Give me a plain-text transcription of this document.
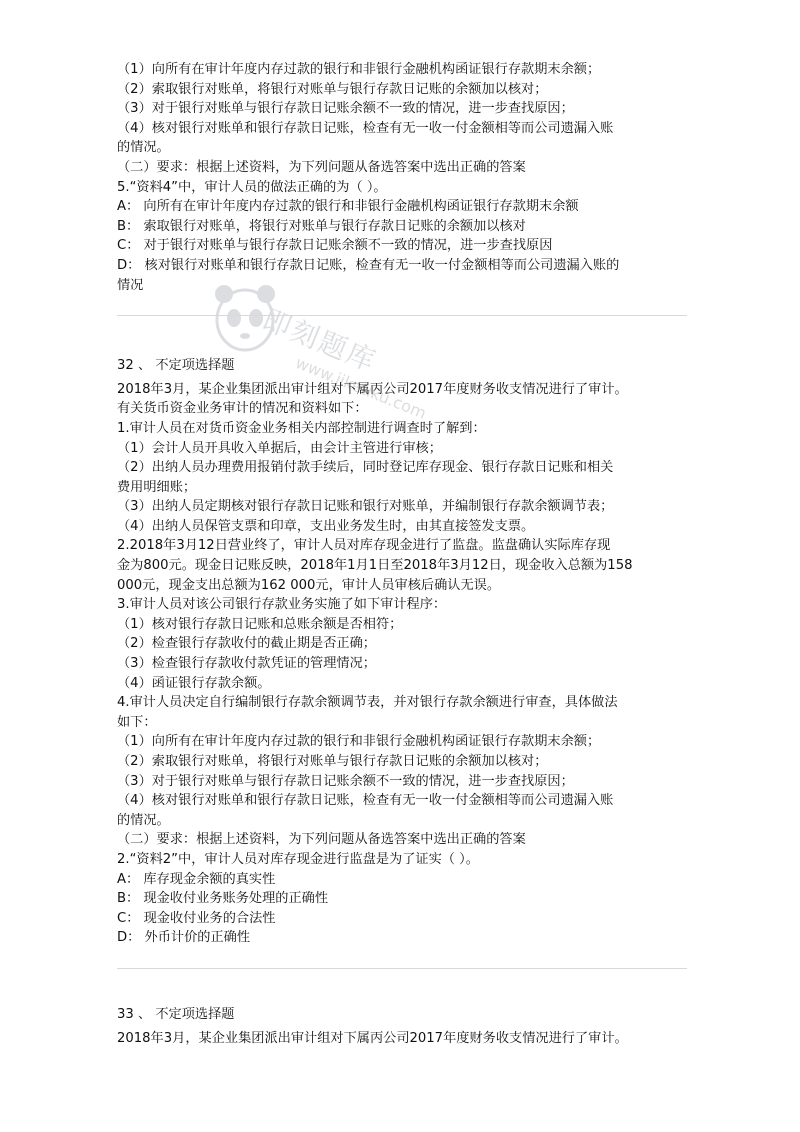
即刻题库
www.jiketiku.com
（1）向所有在审计年度内存过款的银行和非银行金融机构函证银行存款期末余额；
（2）索取银行对账单，将银行对账单与银行存款日记账的余额加以核对；
（3）对于银行对账单与银行存款日记账余额不一致的情况，进一步查找原因；
（4）核对银行对账单和银行存款日记账，检查有无一收一付金额相等而公司遗漏入账
的情况。
（二）要求：根据上述资料，为下列问题从备选答案中选出正确的答案
5.“资料4”中，审计人员的做法正确的为（ ）。
A： 向所有在审计年度内存过款的银行和非银行金融机构函证银行存款期末余额
B： 索取银行对账单，将银行对账单与银行存款日记账的余额加以核对
C： 对于银行对账单与银行存款日记账余额不一致的情况，进一步查找原因
D： 核对银行对账单和银行存款日记账，检查有无一收一付金额相等而公司遗漏入账的
情况
32 、 不定项选择题
2018年3月，某企业集团派出审计组对下属丙公司2017年度财务收支情况进行了审计。
有关货币资金业务审计的情况和资料如下：
1.审计人员在对货币资金业务相关内部控制进行调查时了解到：
（1）会计人员开具收入单据后，由会计主管进行审核；
（2）出纳人员办理费用报销付款手续后，同时登记库存现金、银行存款日记账和相关
费用明细账；
（3）出纳人员定期核对银行存款日记账和银行对账单，并编制银行存款余额调节表；
（4）出纳人员保管支票和印章，支出业务发生时，由其直接签发支票。
2.2018年3月12日营业终了，审计人员对库存现金进行了监盘。监盘确认实际库存现
金为800元。现金日记账反映，2018年1月1日至2018年3月12日，现金收入总额为158
000元，现金支出总额为162 000元，审计人员审核后确认无误。
3.审计人员对该公司银行存款业务实施了如下审计程序：
（1）核对银行存款日记账和总账余额是否相符；
（2）检查银行存款收付的截止期是否正确；
（3）检查银行存款收付款凭证的管理情况；
（4）函证银行存款余额。
4.审计人员决定自行编制银行存款余额调节表，并对银行存款余额进行审查，具体做法
如下：
（1）向所有在审计年度内存过款的银行和非银行金融机构函证银行存款期末余额；
（2）索取银行对账单，将银行对账单与银行存款日记账的余额加以核对；
（3）对于银行对账单与银行存款日记账余额不一致的情况，进一步查找原因；
（4）核对银行对账单和银行存款日记账，检查有无一收一付金额相等而公司遗漏入账
的情况。
（二）要求：根据上述资料，为下列问题从备选答案中选出正确的答案
2.“资料2”中，审计人员对库存现金进行监盘是为了证实（ ）。
A： 库存现金余额的真实性
B： 现金收付业务账务处理的正确性
C： 现金收付业务的合法性
D： 外币计价的正确性
33 、 不定项选择题
2018年3月，某企业集团派出审计组对下属丙公司2017年度财务收支情况进行了审计。
